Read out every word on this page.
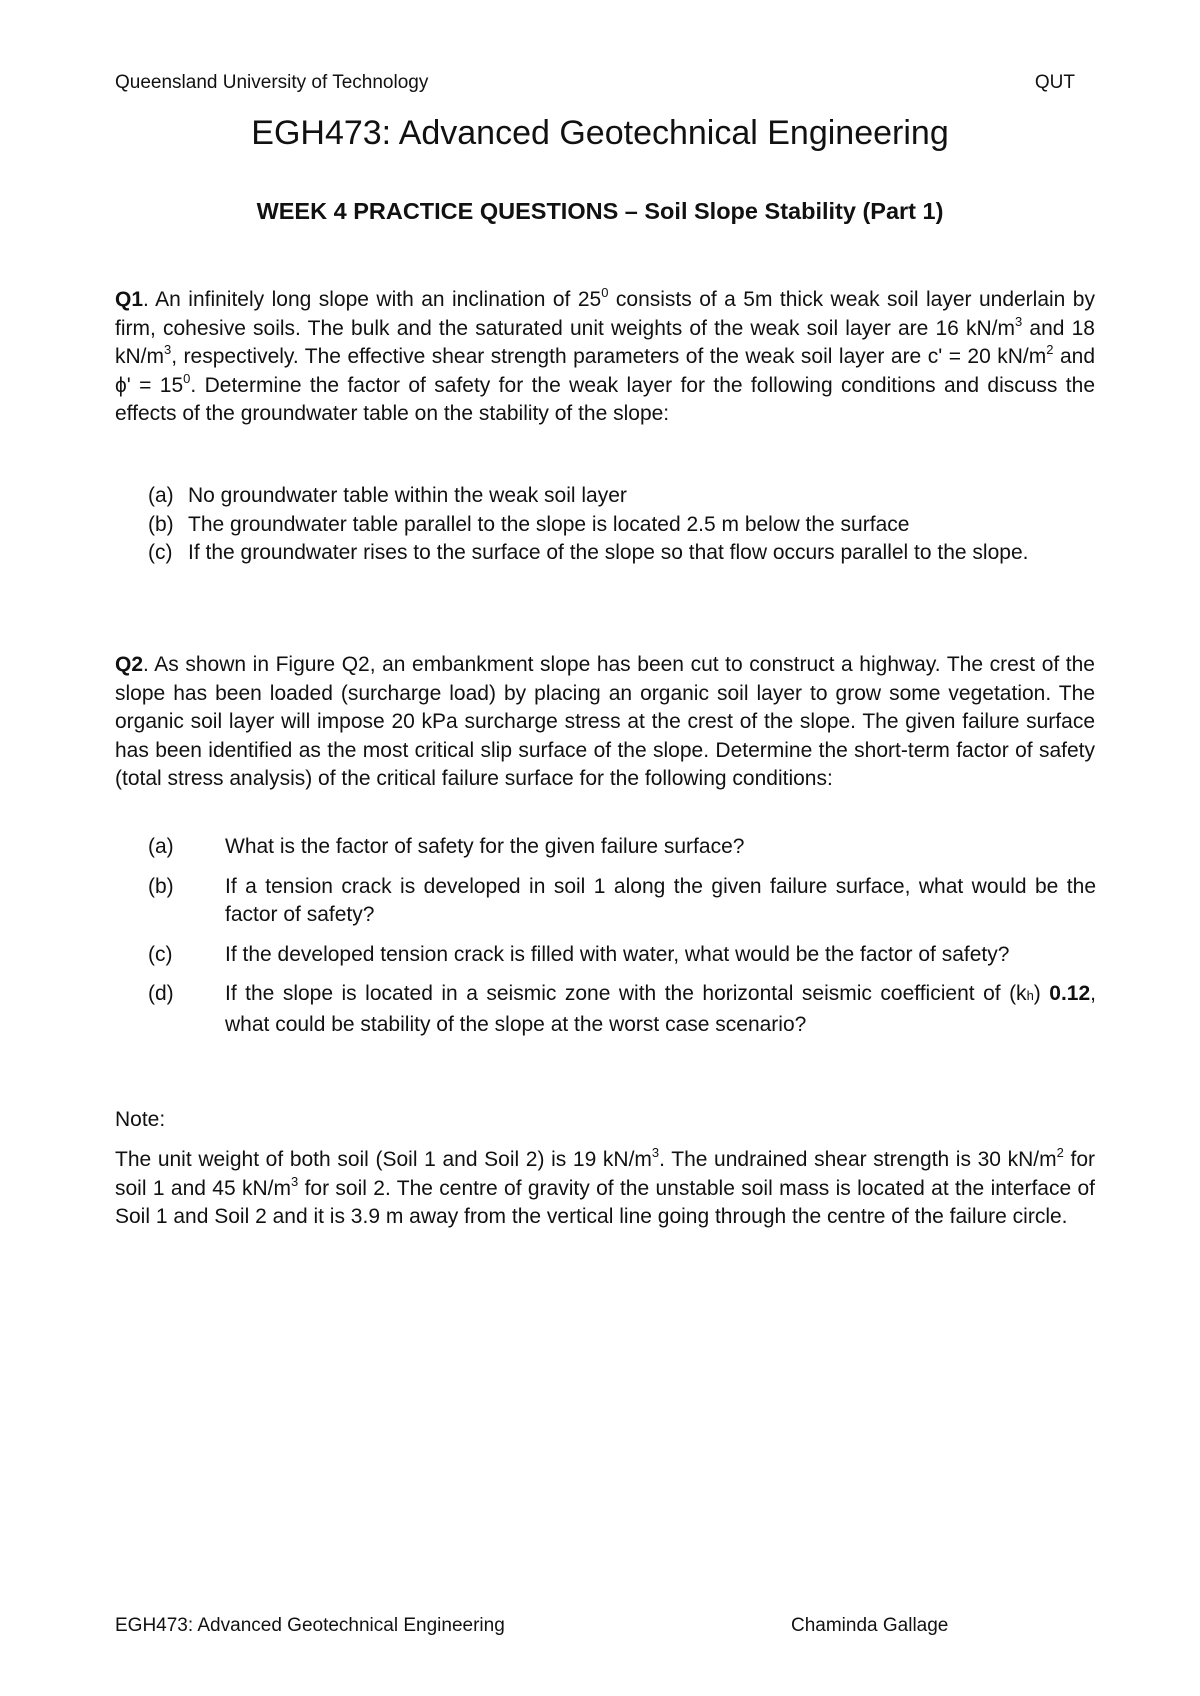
Queensland University of Technology	QUT
EGH473: Advanced Geotechnical Engineering
WEEK 4 PRACTICE QUESTIONS – Soil Slope Stability (Part 1)
Q1. An infinitely long slope with an inclination of $25^0$ consists of a 5m thick weak soil layer underlain by firm, cohesive soils. The bulk and the saturated unit weights of the weak soil layer are 16 $kN/m^3$ and 18 $kN/m^3$, respectively. The effective shear strength parameters of the weak soil layer are c' = 20 $kN/m^2$ and $\phi' = 15^0$. Determine the factor of safety for the weak layer for the following conditions and discuss the effects of the groundwater table on the stability of the slope:
(a) No groundwater table within the weak soil layer
(b) The groundwater table parallel to the slope is located 2.5 m below the surface
(c) If the groundwater rises to the surface of the slope so that flow occurs parallel to the slope.
Q2. As shown in Figure Q2, an embankment slope has been cut to construct a highway. The crest of the slope has been loaded (surcharge load) by placing an organic soil layer to grow some vegetation. The organic soil layer will impose 20 kPa surcharge stress at the crest of the slope. The given failure surface has been identified as the most critical slip surface of the slope. Determine the short-term factor of safety (total stress analysis) of the critical failure surface for the following conditions:
(a)	What is the factor of safety for the given failure surface?
(b)	If a tension crack is developed in soil 1 along the given failure surface, what would be the factor of safety?
(c)	If the developed tension crack is filled with water, what would be the factor of safety?
(d)	If the slope is located in a seismic zone with the horizontal seismic coefficient of (kh) 0.12, what could be stability of the slope at the worst case scenario?
Note:
The unit weight of both soil (Soil 1 and Soil 2) is 19 $kN/m^3$. The undrained shear strength is 30 $kN/m^2$ for soil 1 and 45 $kN/m^3$ for soil 2. The centre of gravity of the unstable soil mass is located at the interface of Soil 1 and Soil 2 and it is 3.9 m away from the vertical line going through the centre of the failure circle.
EGH473: Advanced Geotechnical Engineering	Chaminda Gallage
